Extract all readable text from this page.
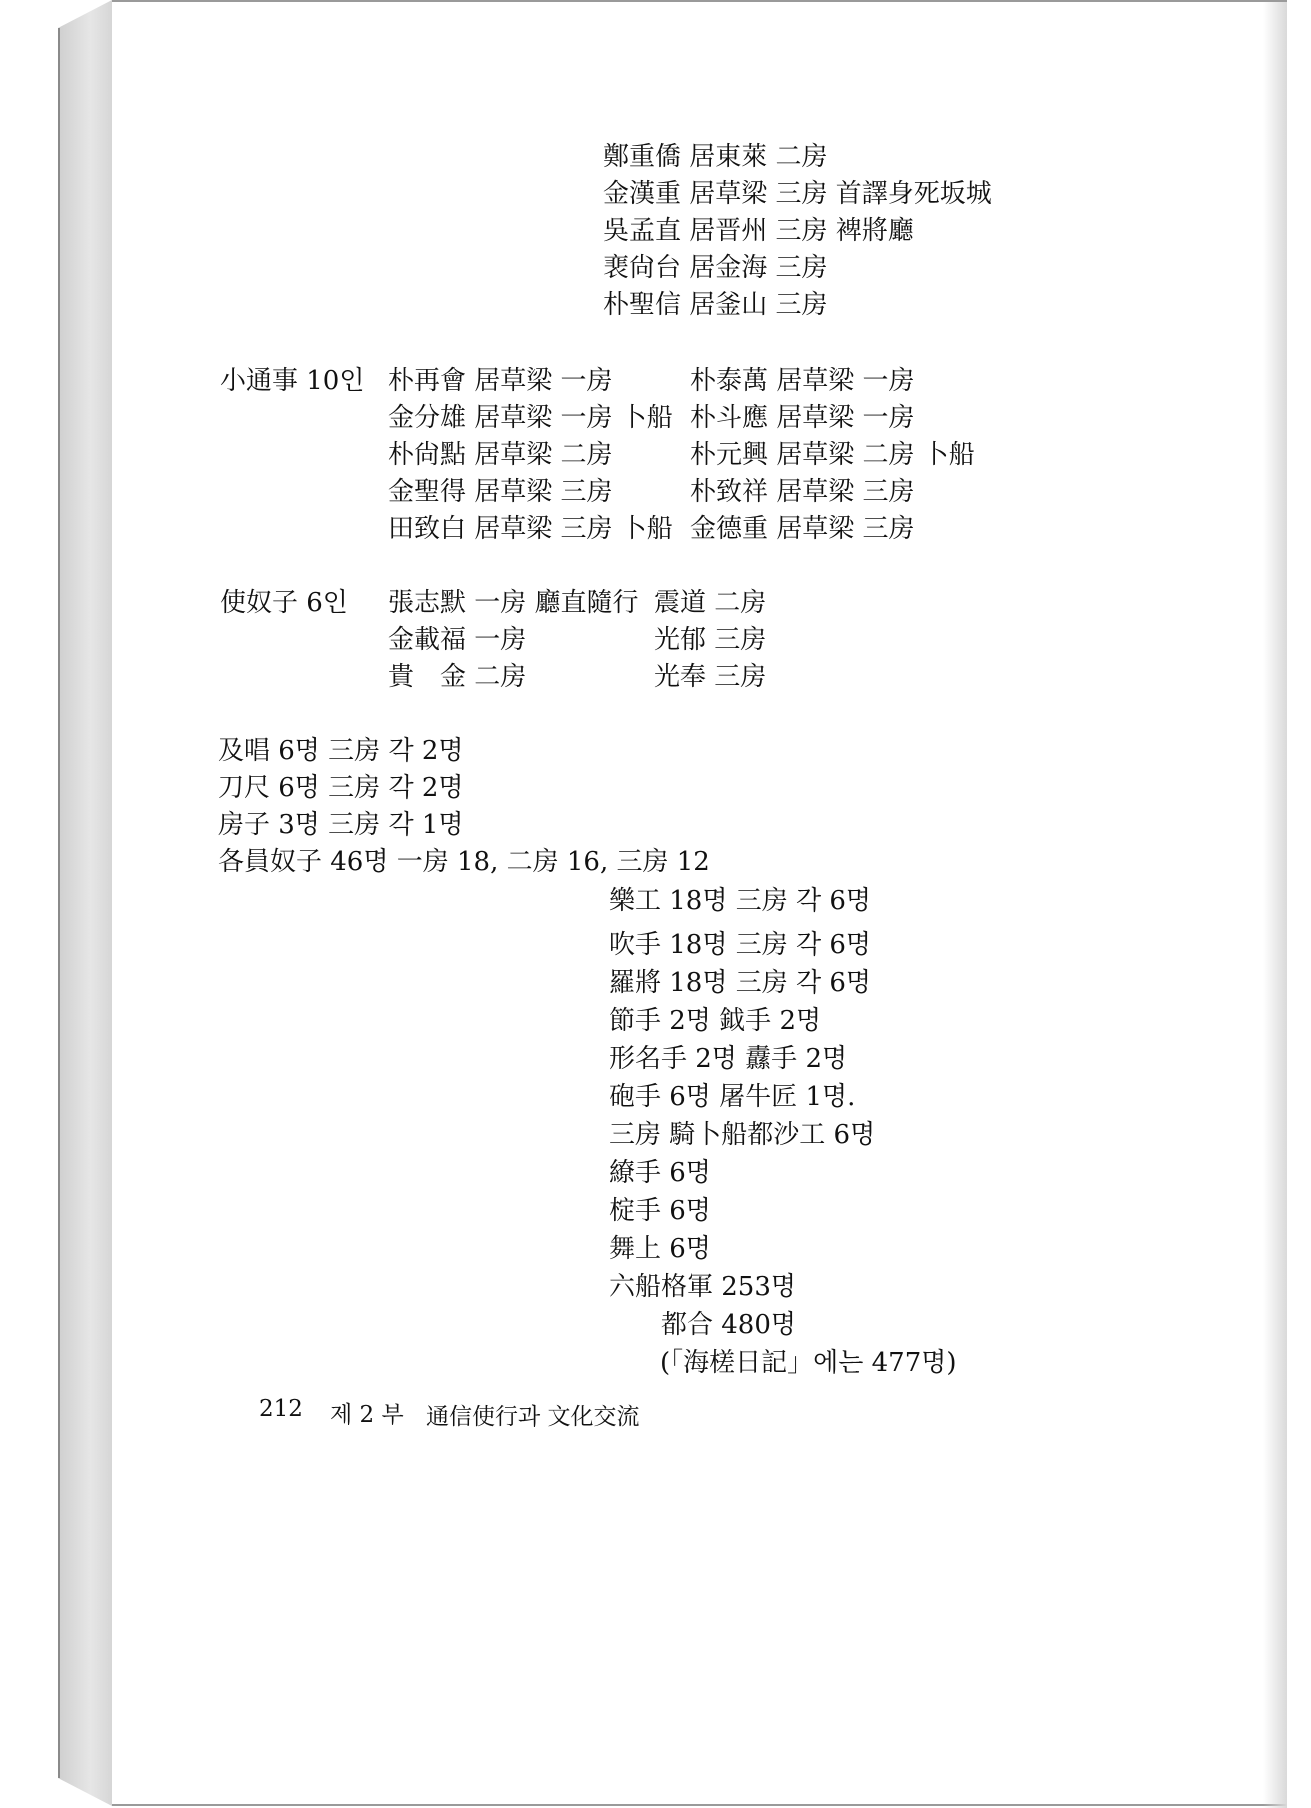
鄭重僑 居東萊 二房
金漢重 居草梁 三房 首譯身死坂城
吳孟直 居晋州 三房 裨將廳
裵尙台 居金海 三房
朴聖信 居釜山 三房
小通事 10인 朴再會 居草梁 一房
金分雄 居草梁 一房 卜船
朴尙點 居草梁 二房
金聖得 居草梁 三房
田致白 居草梁 三房 卜船
朴泰萬 居草梁 一房
朴斗應 居草梁 一房
朴元興 居草梁 二房 卜船
朴致祥 居草梁 三房
金德重 居草梁 三房
使奴子 6인 張志默 一房 廳直隨行
金載福 一房
貴　金 二房
震道 二房
光郁 三房
光奉 三房
及唱 6명 三房 각 2명
刀尺 6명 三房 각 2명
房子 3명 三房 각 1명
各員奴子 46명 一房 18, 二房 16, 三房 12
樂工 18명 三房 각 6명
吹手 18명 三房 각 6명
羅將 18명 三房 각 6명
節手 2명 鉞手 2명
形名手 2명 纛手 2명
砲手 6명 屠牛匠 1명.
三房 騎卜船都沙工 6명
繚手 6명
椗手 6명
舞上 6명
六船格軍 253명
都合 480명
(「海槎日記」에는 477명)
212 제 2 부 通信使行과 文化交流
